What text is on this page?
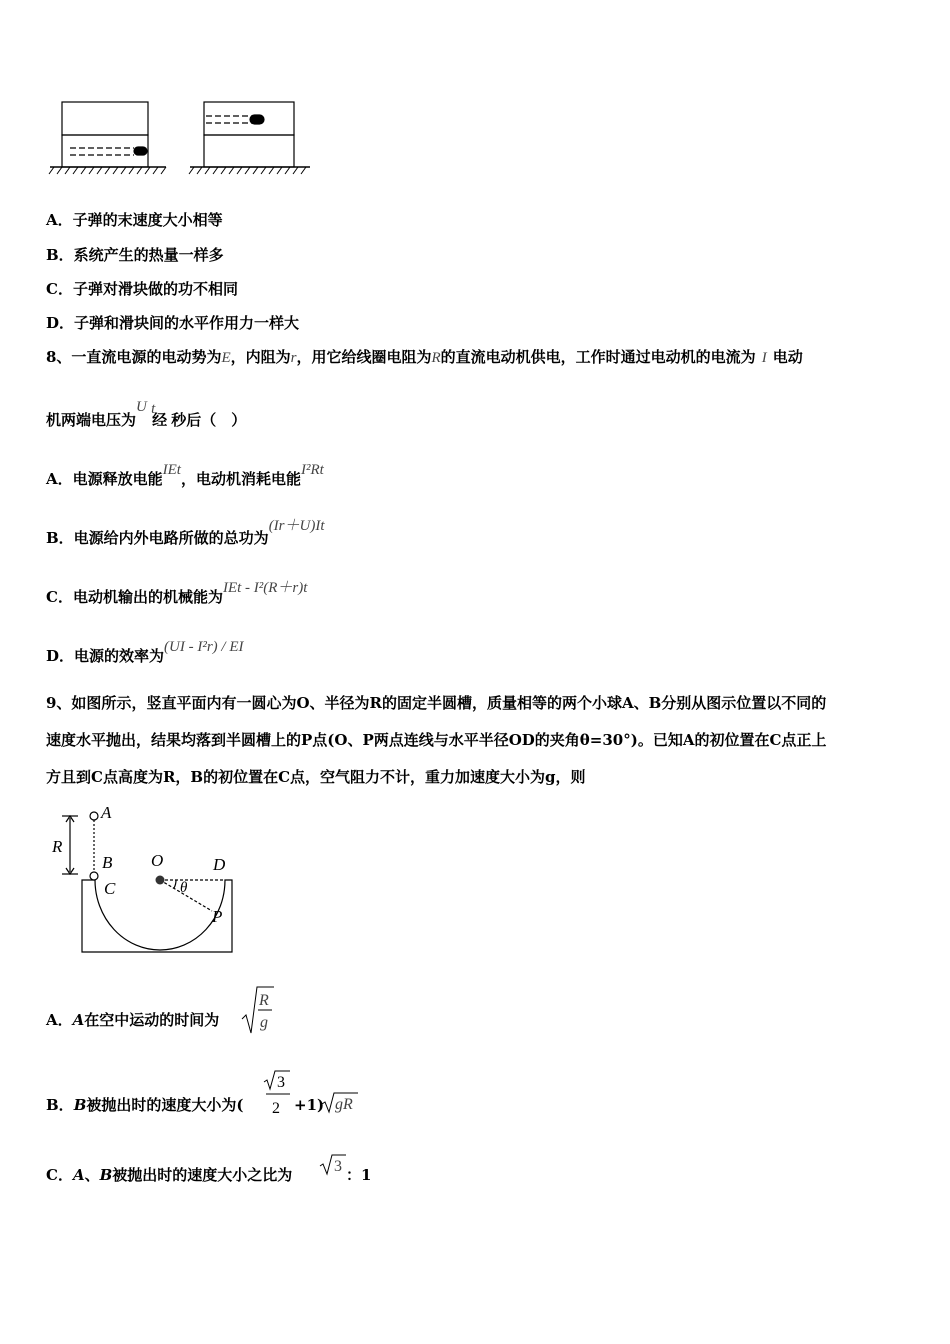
A．子弹的末速度大小相等
B．系统产生的热量一样多
C．子弹对滑块做的功不相同
D．子弹和滑块间的水平作用力一样大
8、一直流电源的电动势为E，内阻为r，用它给线圈电阻为R的直流电动机供电，工作时通过电动机的电流为 I 电动
机两端电压为U 经t秒后（　）
A．电源释放电能IEt，电动机消耗电能I²Rt
B．电源给内外电路所做的总功为(Ir＋U)It
C．电动机输出的机械能为IEt - I²(R＋r)t
D．电源的效率为(UI - I²r) / EI
9、如图所示，竖直平面内有一圆心为O、半径为R的固定半圆槽，质量相等的两个小球A、B分别从图示位置以不同的
速度水平抛出，结果均落到半圆槽上的P点(O、P两点连线与水平半径OD的夹角θ=30°)。已知A的初位置在C点正上
方且到C点高度为R，B的初位置在C点，空气阻力不计，重力加速度大小为g，则
A
R
B O	D
C	θ
P
A．A在空中运动的时间为
R
g
B．B被抛出时的速度大小为(
3
2 +1) gR
C．A、B被抛出时的速度大小之比为	3 ：1
